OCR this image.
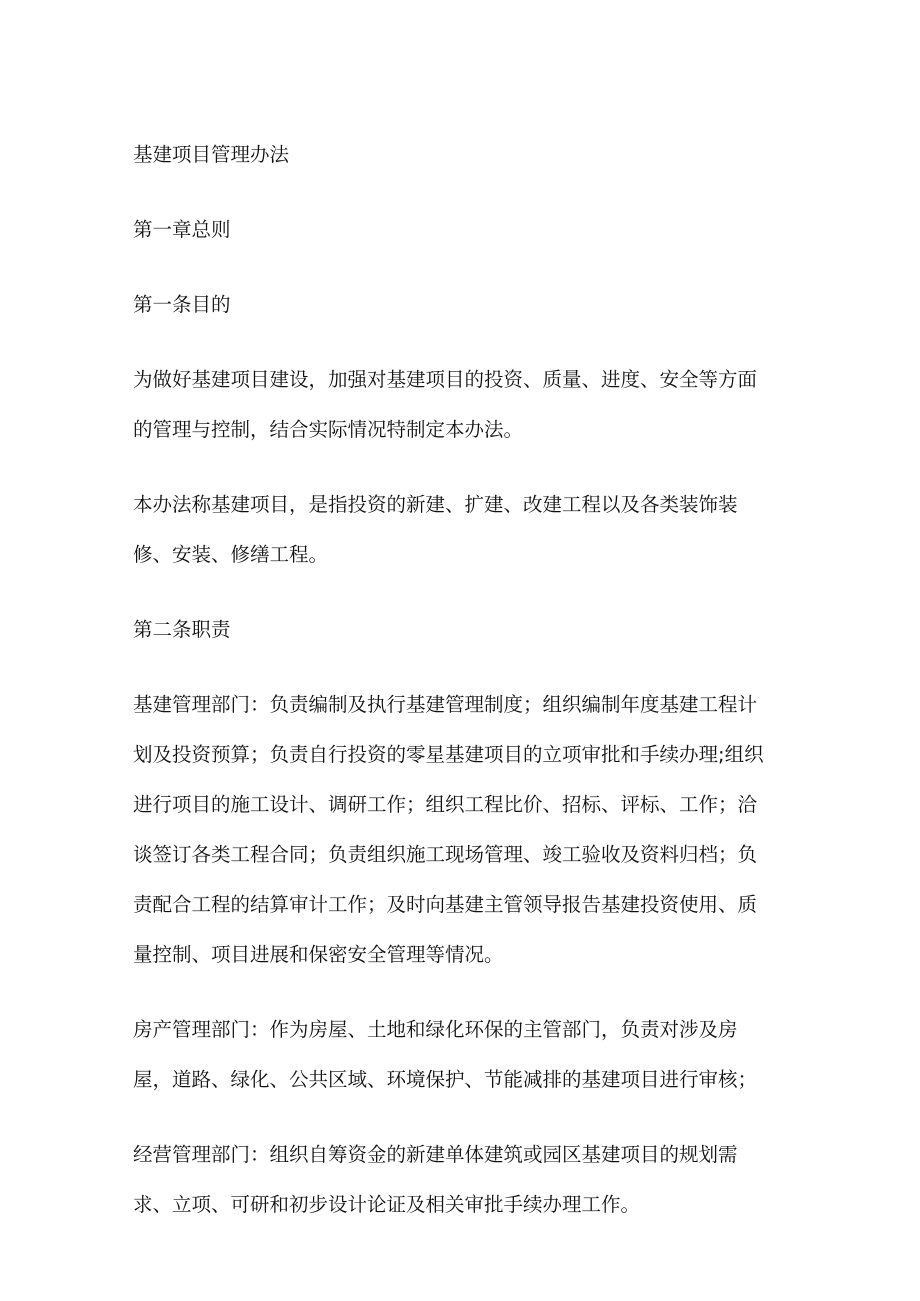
基建项目管理办法
第一章总则
第一条目的
为做好基建项目建设，加强对基建项目的投资、质量、进度、安全等方面
的管理与控制，结合实际情况特制定本办法。
本办法称基建项目，是指投资的新建、扩建、改建工程以及各类装饰装
修、安装、修缮工程。
第二条职责
基建管理部门：负责编制及执行基建管理制度；组织编制年度基建工程计
划及投资预算；负责自行投资的零星基建项目的立项审批和手续办理;组织
进行项目的施工设计、调研工作；组织工程比价、招标、评标、工作；洽
谈签订各类工程合同；负责组织施工现场管理、竣工验收及资料归档；负
责配合工程的结算审计工作；及时向基建主管领导报告基建投资使用、质
量控制、项目进展和保密安全管理等情况。
房产管理部门：作为房屋、土地和绿化环保的主管部门，负责对涉及房
屋，道路、绿化、公共区域、环境保护、节能减排的基建项目进行审核；
经营管理部门：组织自筹资金的新建单体建筑或园区基建项目的规划需
求、立项、可研和初步设计论证及相关审批手续办理工作。
